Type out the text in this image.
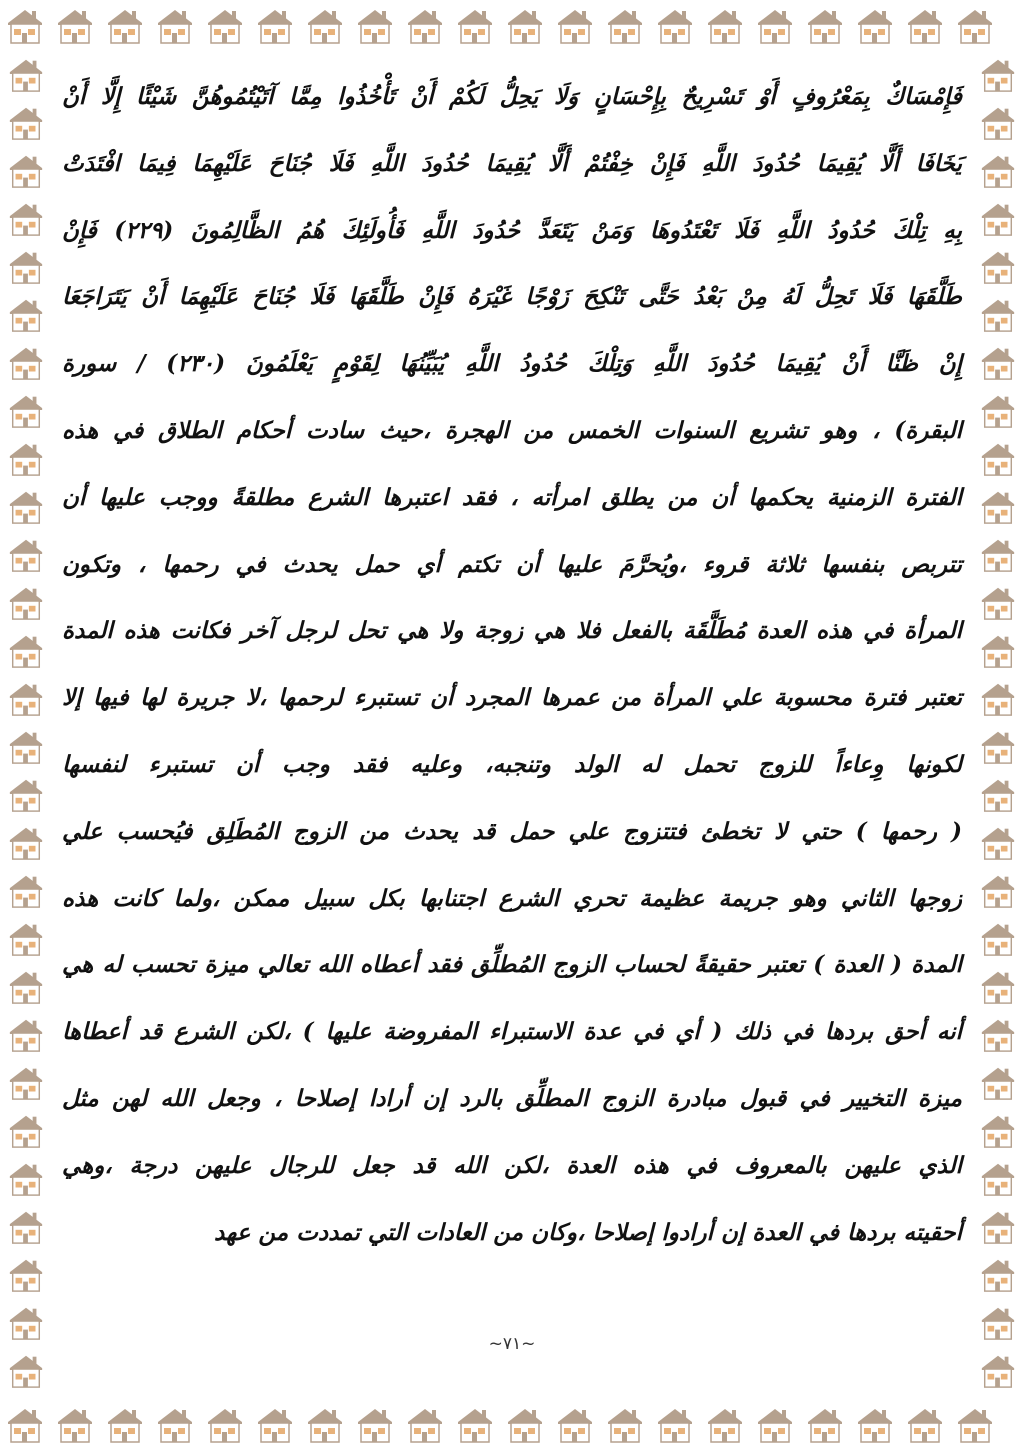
فَإِمْسَاكٌ بِمَعْرُوفٍ أَوْ تَسْرِيحٌ بِإِحْسَانٍ وَلَا يَحِلُّ لَكُمْ أَنْ تَأْخُذُوا مِمَّا آتَيْتُمُوهُنَّ شَيْئًا إِلَّا أَنْ
يَخَافَا أَلَّا يُقِيمَا حُدُودَ اللَّهِ فَإِنْ خِفْتُمْ أَلَّا يُقِيمَا حُدُودَ اللَّهِ فَلَا جُنَاحَ عَلَيْهِمَا فِيمَا افْتَدَتْ
بِهِ تِلْكَ حُدُودُ اللَّهِ فَلَا تَعْتَدُوهَا وَمَنْ يَتَعَدَّ حُدُودَ اللَّهِ فَأُولَئِكَ هُمُ الظَّالِمُونَ (٢٢٩) فَإِنْ
طَلَّقَهَا فَلَا تَحِلُّ لَهُ مِنْ بَعْدُ حَتَّى تَنْكِحَ زَوْجًا غَيْرَهُ فَإِنْ طَلَّقَهَا فَلَا جُنَاحَ عَلَيْهِمَا أَنْ يَتَرَاجَعَا
إِنْ ظَنَّا أَنْ يُقِيمَا حُدُودَ اللَّهِ وَتِلْكَ حُدُودُ اللَّهِ يُبَيِّنُهَا لِقَوْمٍ يَعْلَمُونَ (٢٣٠) / سورة
البقرة) ، وهو تشريع السنوات الخمس من الهجرة ،حيث سادت أحكام الطلاق في هذه
الفترة الزمنية يحكمها أن من يطلق امرأته ، فقد اعتبرها الشرع مطلقةً ووجب عليها أن
تتربص بنفسها ثلاثة قروء ،ويُحرَّمَ عليها أن تكتم أي حمل يحدث في رحمها ، وتكون
المرأة في هذه العدة مُطَلَّقَة بالفعل فلا هي زوجة ولا هي تحل لرجل آخر فكانت هذه المدة
تعتبر فترة محسوبة علي المرأة من عمرها المجرد أن تستبرء لرحمها ،لا جريرة لها فيها إلا
لكونها وِعاءاً للزوج تحمل له الولد وتنجبه، وعليه فقد وجب أن تستبرء لنفسها
( رحمها ) حتي لا تخطئ فتتزوج علي حمل قد يحدث من الزوج المُطَلِق فيُحسب علي
زوجها الثاني وهو جريمة عظيمة تحري الشرع اجتنابها بكل سبيل ممكن ،ولما كانت هذه
المدة ( العدة ) تعتبر حقيقةً لحساب الزوج المُطلِّق فقد أعطاه الله تعالي ميزة تحسب له هي
أنه أحق بردها في ذلك ( أي في عدة الاستبراء المفروضة عليها ) ،لكن الشرع قد أعطاها
ميزة التخيير في قبول مبادرة الزوج المطلِّق بالرد إن أرادا إصلاحا ، وجعل الله لهن مثل
الذي عليهن بالمعروف في هذه العدة ،لكن الله قد جعل للرجال عليهن درجة ،وهي
أحقيته بردها في العدة إن أرادوا إصلاحا ،وكان من العادات التي تمددت من عهد
~٧١~
